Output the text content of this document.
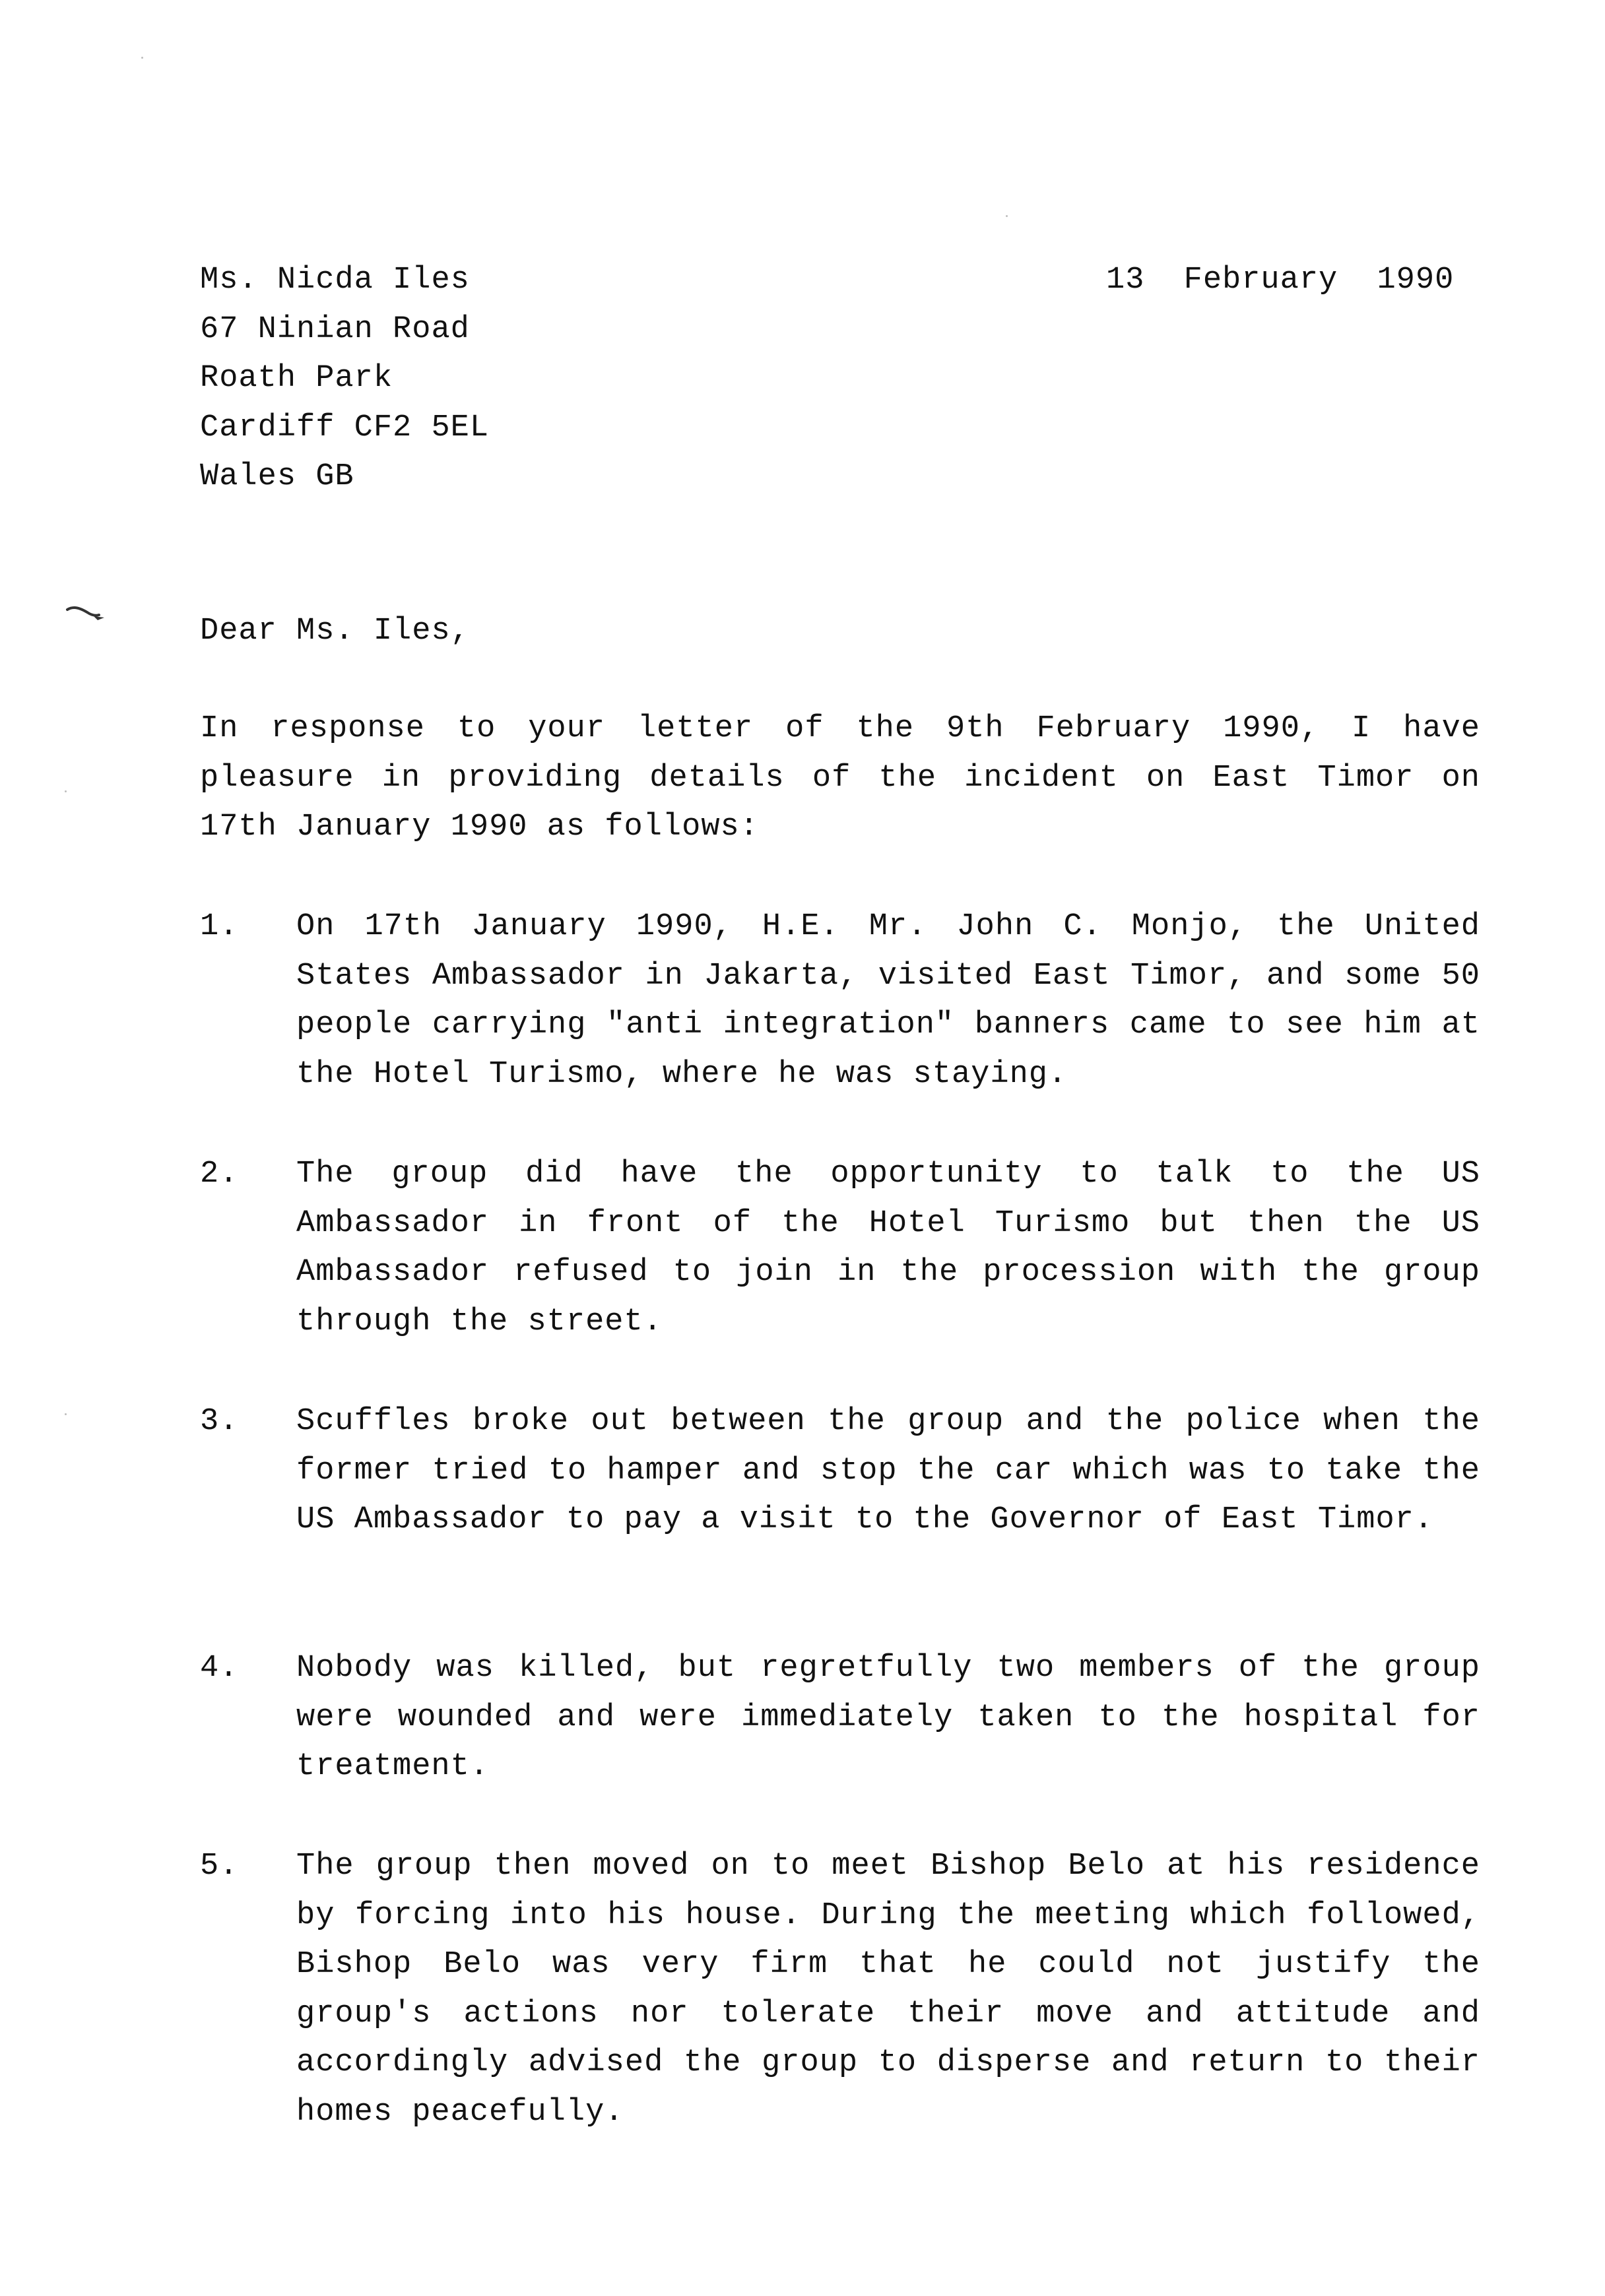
Ms. Nicda Iles
67 Ninian Road
Roath Park
Cardiff CF2 5EL
Wales GB
13 February 1990
Dear Ms. Iles,
In response to your letter of the 9th February 1990, I have pleasure in providing details of the incident on East Timor on 17th January 1990 as follows:
1.	On 17th January 1990, H.E. Mr. John C. Monjo, the United States Ambassador in Jakarta, visited East Timor, and some 50 people carrying "anti integration" banners came to see him at the Hotel Turismo, where he was staying.
2.	The group did have the opportunity to talk to the US Ambassador in front of the Hotel Turismo but then the US Ambassador refused to join in the procession with the group through the street.
3.	Scuffles broke out between the group and the police when the former tried to hamper and stop the car which was to take the US Ambassador to pay a visit to the Governor of East Timor.
4.	Nobody was killed, but regretfully two members of the group were wounded and were immediately taken to the hospital for treatment.
5.	The group then moved on to meet Bishop Belo at his residence by forcing into his house. During the meeting which followed, Bishop Belo was very firm that he could not justify the group's actions nor tolerate their move and attitude and accordingly advised the group to disperse and return to their homes peacefully.
